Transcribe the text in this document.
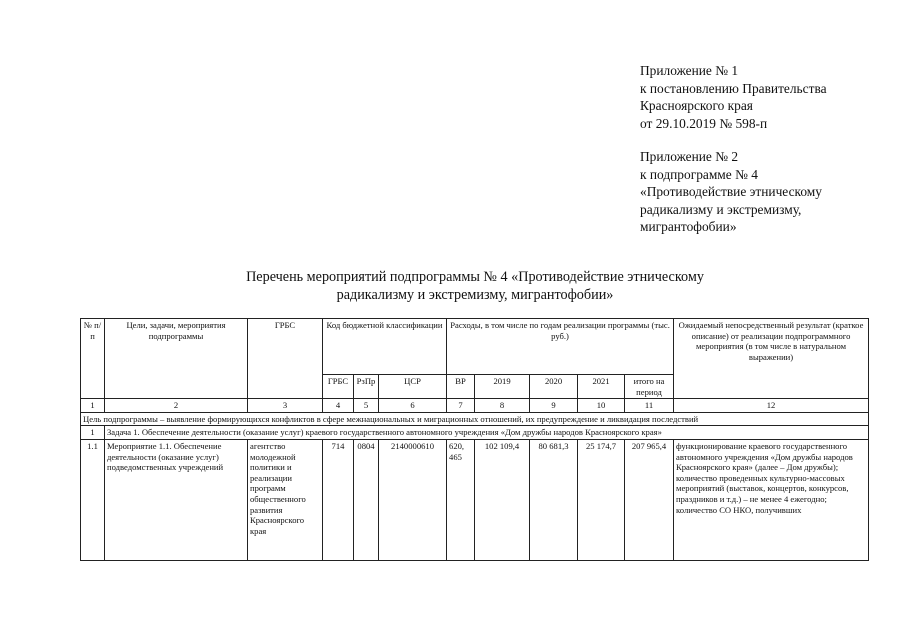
Приложение № 1
к постановлению Правительства
Красноярского края
от 29.10.2019 № 598-п
Приложение № 2
к подпрограмме № 4
«Противодействие этническому
радикализму и экстремизму,
мигрантофобии»
Перечень мероприятий подпрограммы № 4 «Противодействие этническому
радикализму и экстремизму, мигрантофобии»
№ п/п	Цели, задачи, мероприятия подпрограммы	ГРБС	Код бюджетной классификации			Расходы, в том числе по годам реализации программы (тыс. руб.)					Ожидаемый непосредственный результат (краткое описание) от реализации подпрограммного мероприятия (в том числе в натуральном выражении)
			ГРБС	РзПр	ЦСР	ВР	2019	2020	2021	итого на период	
1	2	3	4	5	6	7	8	9	10	11	12
Цель подпрограммы – выявление формирующихся конфликтов в сфере межнациональных и миграционных отношений, их предупреждение и ликвидация последствий											
1	Задача 1. Обеспечение деятельности (оказание услуг) краевого государственного автономного учреждения «Дом дружбы народов Красноярского края»										
1.1	Мероприятие 1.1. Обеспечение деятельности (оказание услуг) подведомственных учреждений	агентство молодежной политики и реализации программ общественного развития Красноярского края	714	0804	2140000610	620, 465	102 109,4	80 681,3	25 174,7	207 965,4	функционирование краевого государственного автономного учреждения «Дом дружбы народов Красноярского края» (далее – Дом дружбы); количество проведенных культурно-массовых мероприятий (выставок, концертов, конкурсов, праздников и т.д.) – не менее 4 ежегодно; количество СО НКО, получивших
